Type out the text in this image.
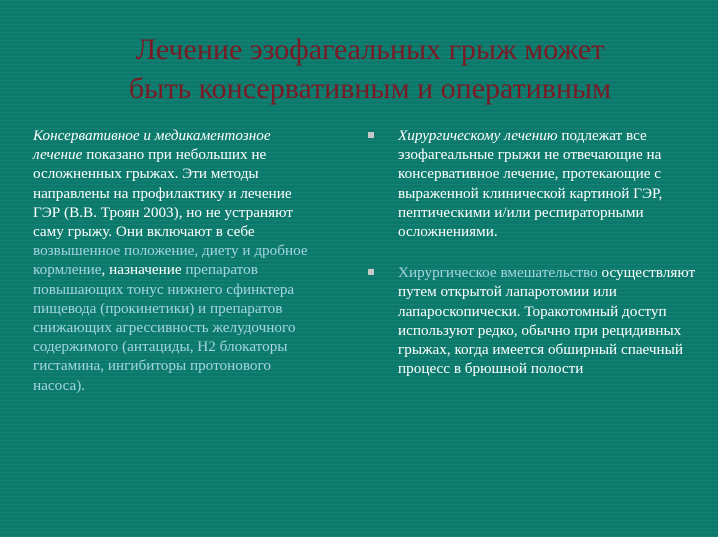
Лечение эзофагеальных грыж может
быть консервативным и оперативным
Консервативное и медикаментозное лечение показано при небольших не осложненных грыжах. Эти методы направлены на профилактику и лечение ГЭР (В.В. Троян 2003), но не устраняют саму грыжу. Они включают в себе возвышенное положение, диету и дробное кормление, назначение препаратов повышающих тонус нижнего сфинктера пищевода (прокинетики) и препаратов снижающих агрессивность желудочного содержимого (антациды, Н2 блокаторы гистамина, ингибиторы протонового насоса).
Хирургическому лечению подлежат все эзофагеальные грыжи не отвечающие на консервативное лечение, протекающие с выраженной клинической картиной ГЭР, пептическими и/или респираторными осложнениями.
Хирургическое вмешательство осуществляют путем открытой лапаротомии или лапароскопически. Торакотомный доступ используют редко, обычно при рецидивных грыжах, когда имеется обширный спаечный процесс в брюшной полости
